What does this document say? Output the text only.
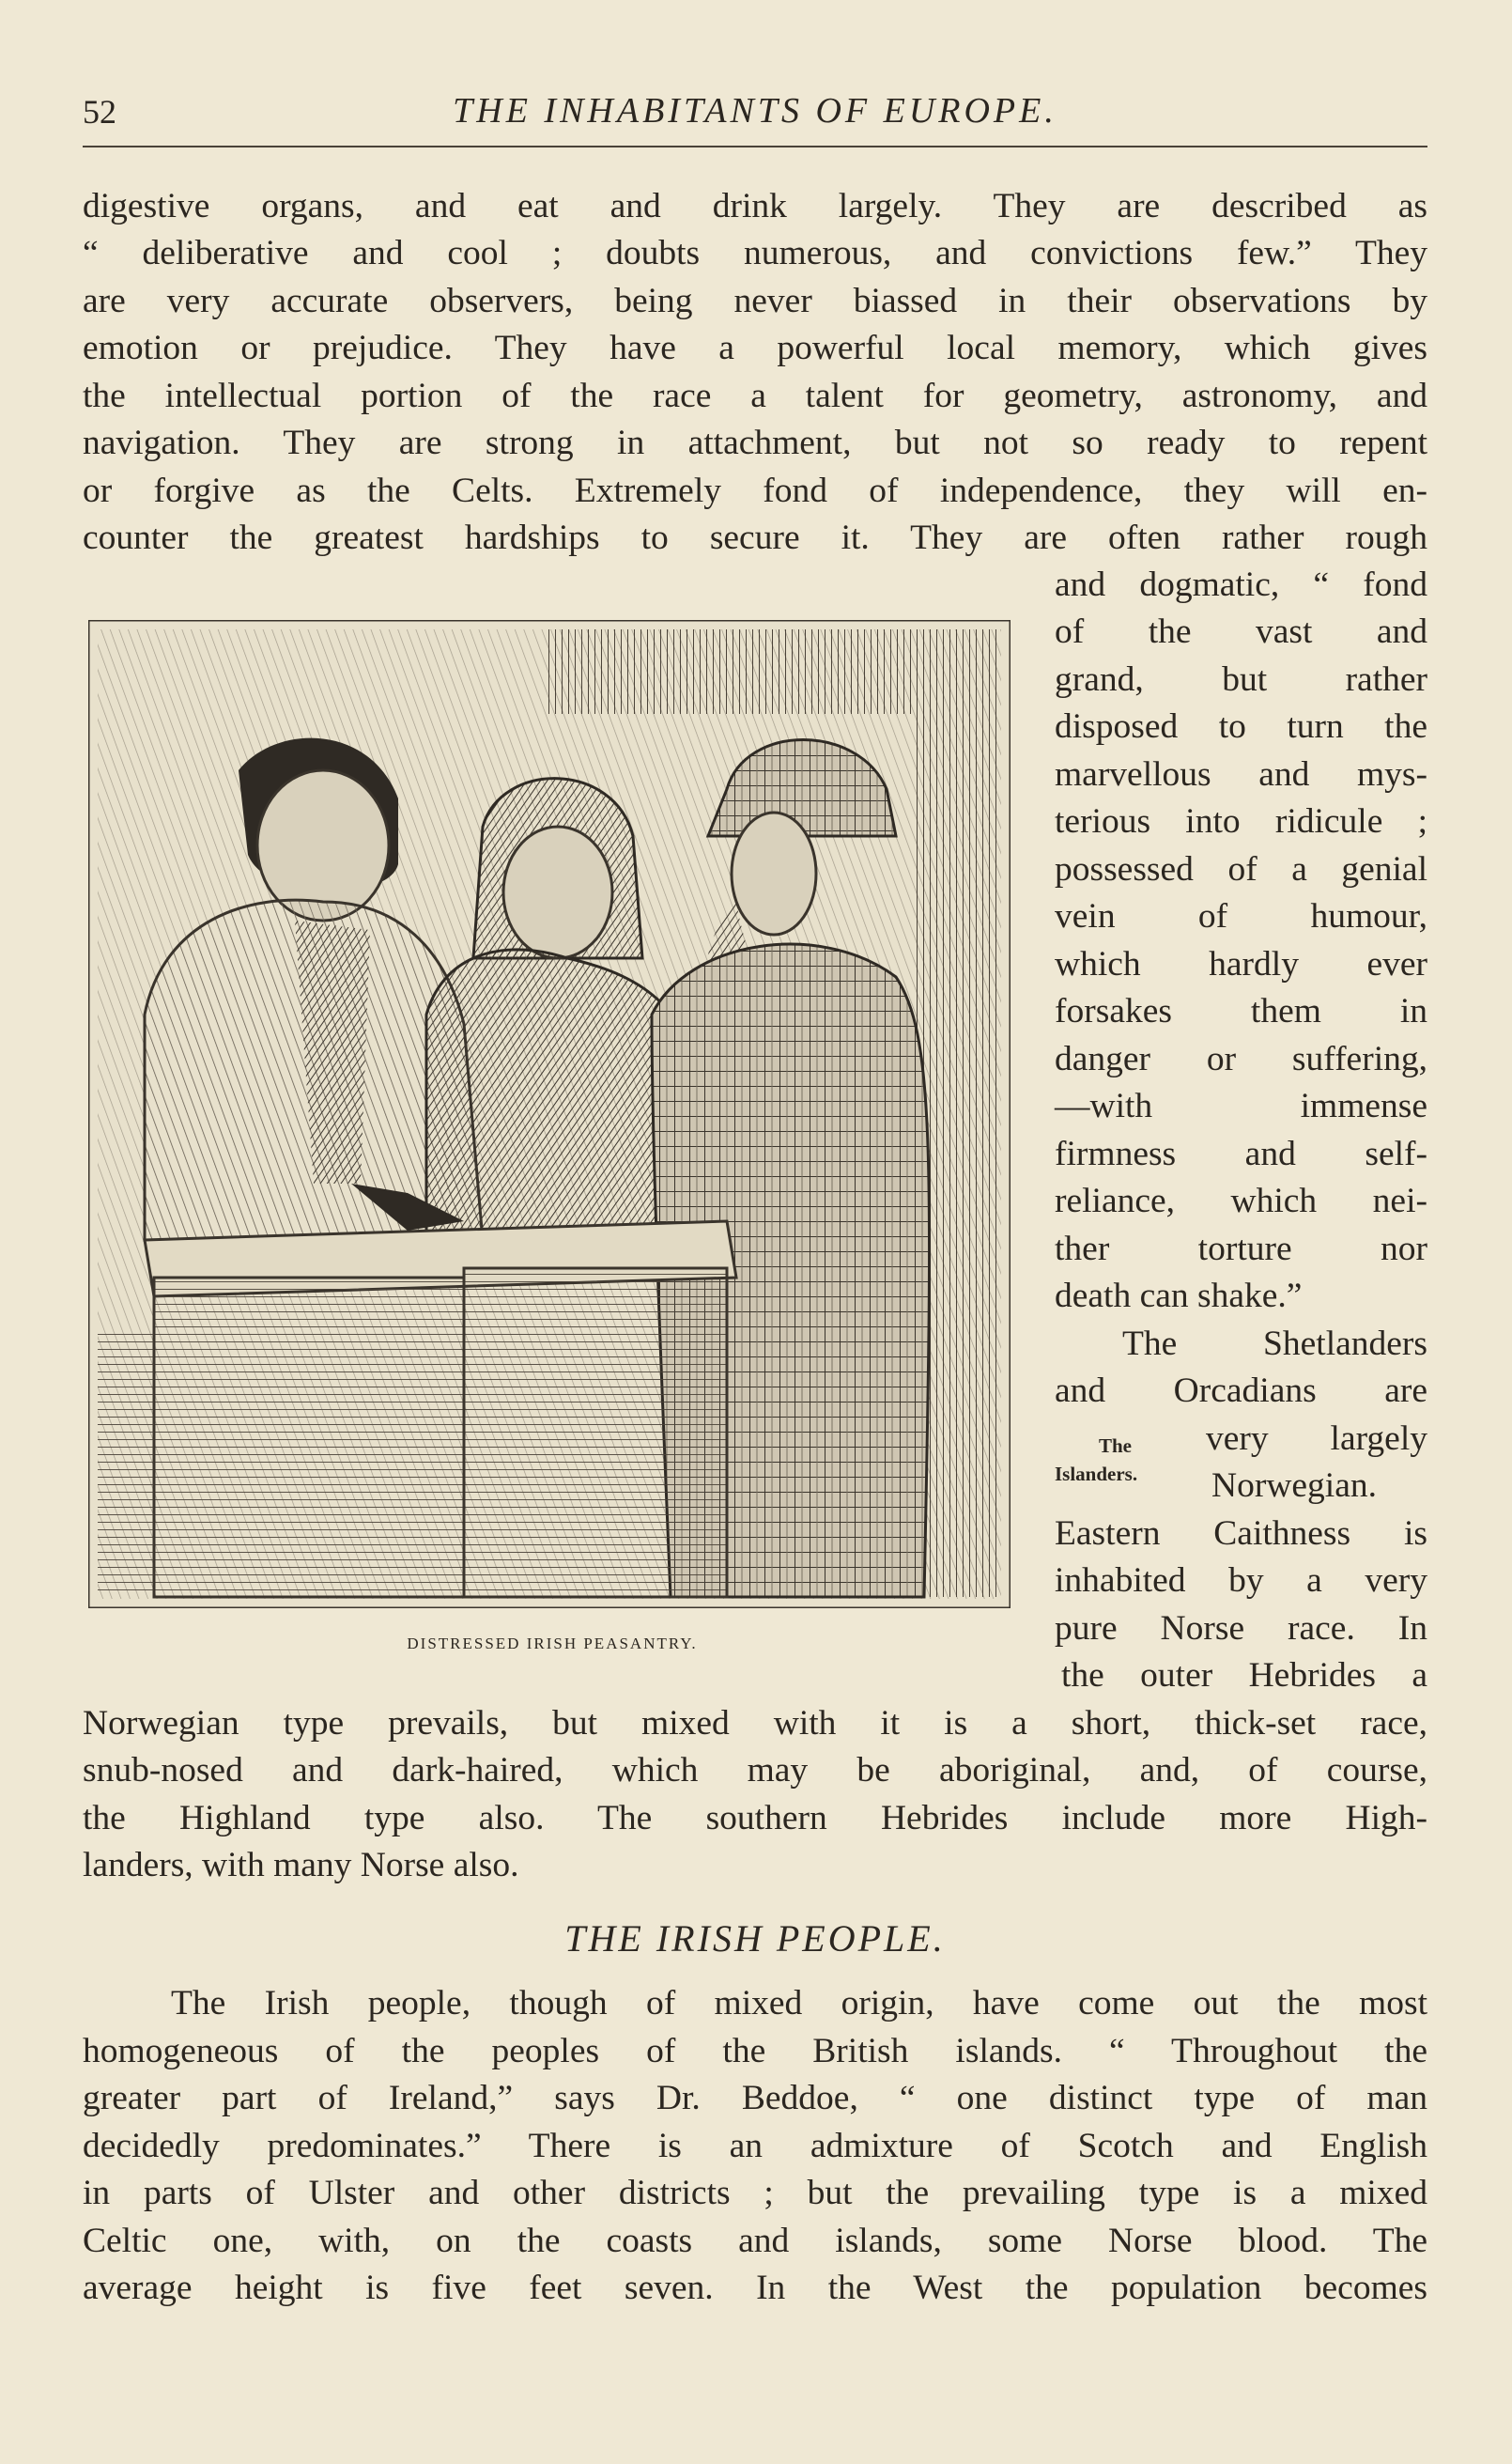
52	THE INHABITANTS OF EUROPE.
digestive organs, and eat and drink largely. They are described as
“ deliberative and cool ; doubts numerous, and convictions few.” They
are very accurate observers, being never biassed in their observations by
emotion or prejudice. They have a powerful local memory, which gives
the intellectual portion of the race a talent for geometry, astronomy, and
navigation. They are strong in attachment, but not so ready to repent
or forgive as the Celts. Extremely fond of independence, they will en-
counter the greatest hardships to secure it. They are often rather rough
DISTRESSED IRISH PEASANTRY.
and dogmatic, “ fond
of the vast and
grand, but rather
disposed to turn the
marvellous and mys-
terious into ridicule ;
possessed of a genial
vein of humour,
which hardly ever
forsakes them in
danger or suffering,
—with immense
firmness and self-
reliance, which nei-
ther torture nor
death can shake.”
The Shetlanders
and Orcadians are
very largely
Norwegian.
Eastern Caithness is
inhabited by a very
pure Norse race. In
the outer Hebrides a
The
Islanders.
Norwegian type prevails, but mixed with it is a short, thick-set race,
snub-nosed and dark-haired, which may be aboriginal, and, of course,
the Highland type also. The southern Hebrides include more High-
landers, with many Norse also.
THE IRISH PEOPLE.
The Irish people, though of mixed origin, have come out the most
homogeneous of the peoples of the British islands. “ Throughout the
greater part of Ireland,” says Dr. Beddoe, “ one distinct type of man
decidedly predominates.” There is an admixture of Scotch and English
in parts of Ulster and other districts ; but the prevailing type is a mixed
Celtic one, with, on the coasts and islands, some Norse blood. The
average height is five feet seven. In the West the population becomes
